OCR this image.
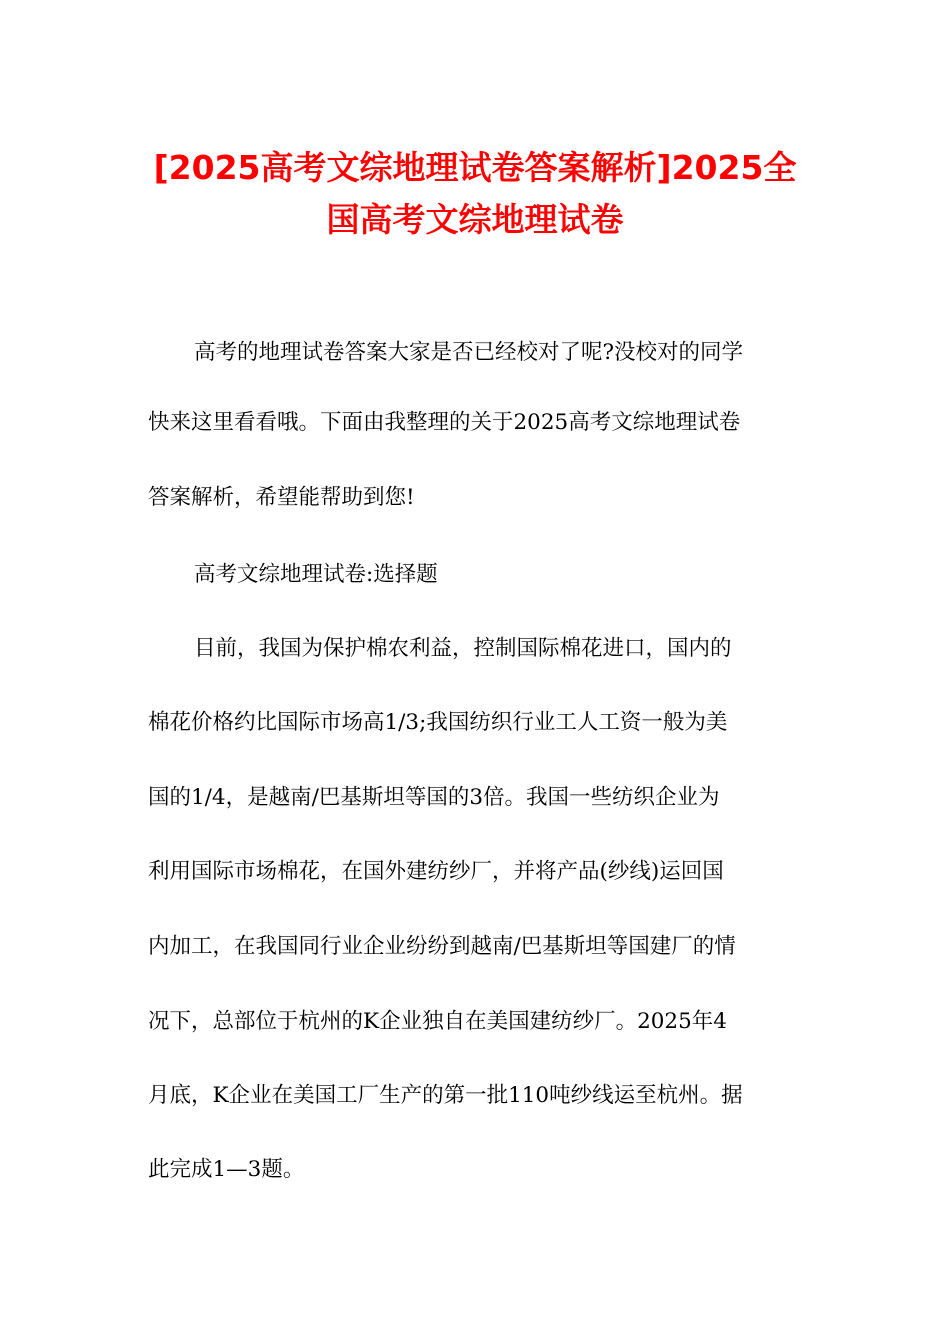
[2025高考文综地理试卷答案解析]2025全
国高考文综地理试卷
高考的地理试卷答案大家是否已经校对了呢?没校对的同学
快来这里看看哦。下面由我整理的关于2025高考文综地理试卷
答案解析，希望能帮助到您!
高考文综地理试卷:选择题
目前，我国为保护棉农利益，控制国际棉花进口，国内的
棉花价格约比国际市场高1/3;我国纺织行业工人工资一般为美
国的1/4，是越南/巴基斯坦等国的3倍。我国一些纺织企业为
利用国际市场棉花，在国外建纺纱厂，并将产品(纱线)运回国
内加工，在我国同行业企业纷纷到越南/巴基斯坦等国建厂的情
况下，总部位于杭州的K企业独自在美国建纺纱厂。2025年4
月底，K企业在美国工厂生产的第一批110吨纱线运至杭州。据
此完成1—3题。
